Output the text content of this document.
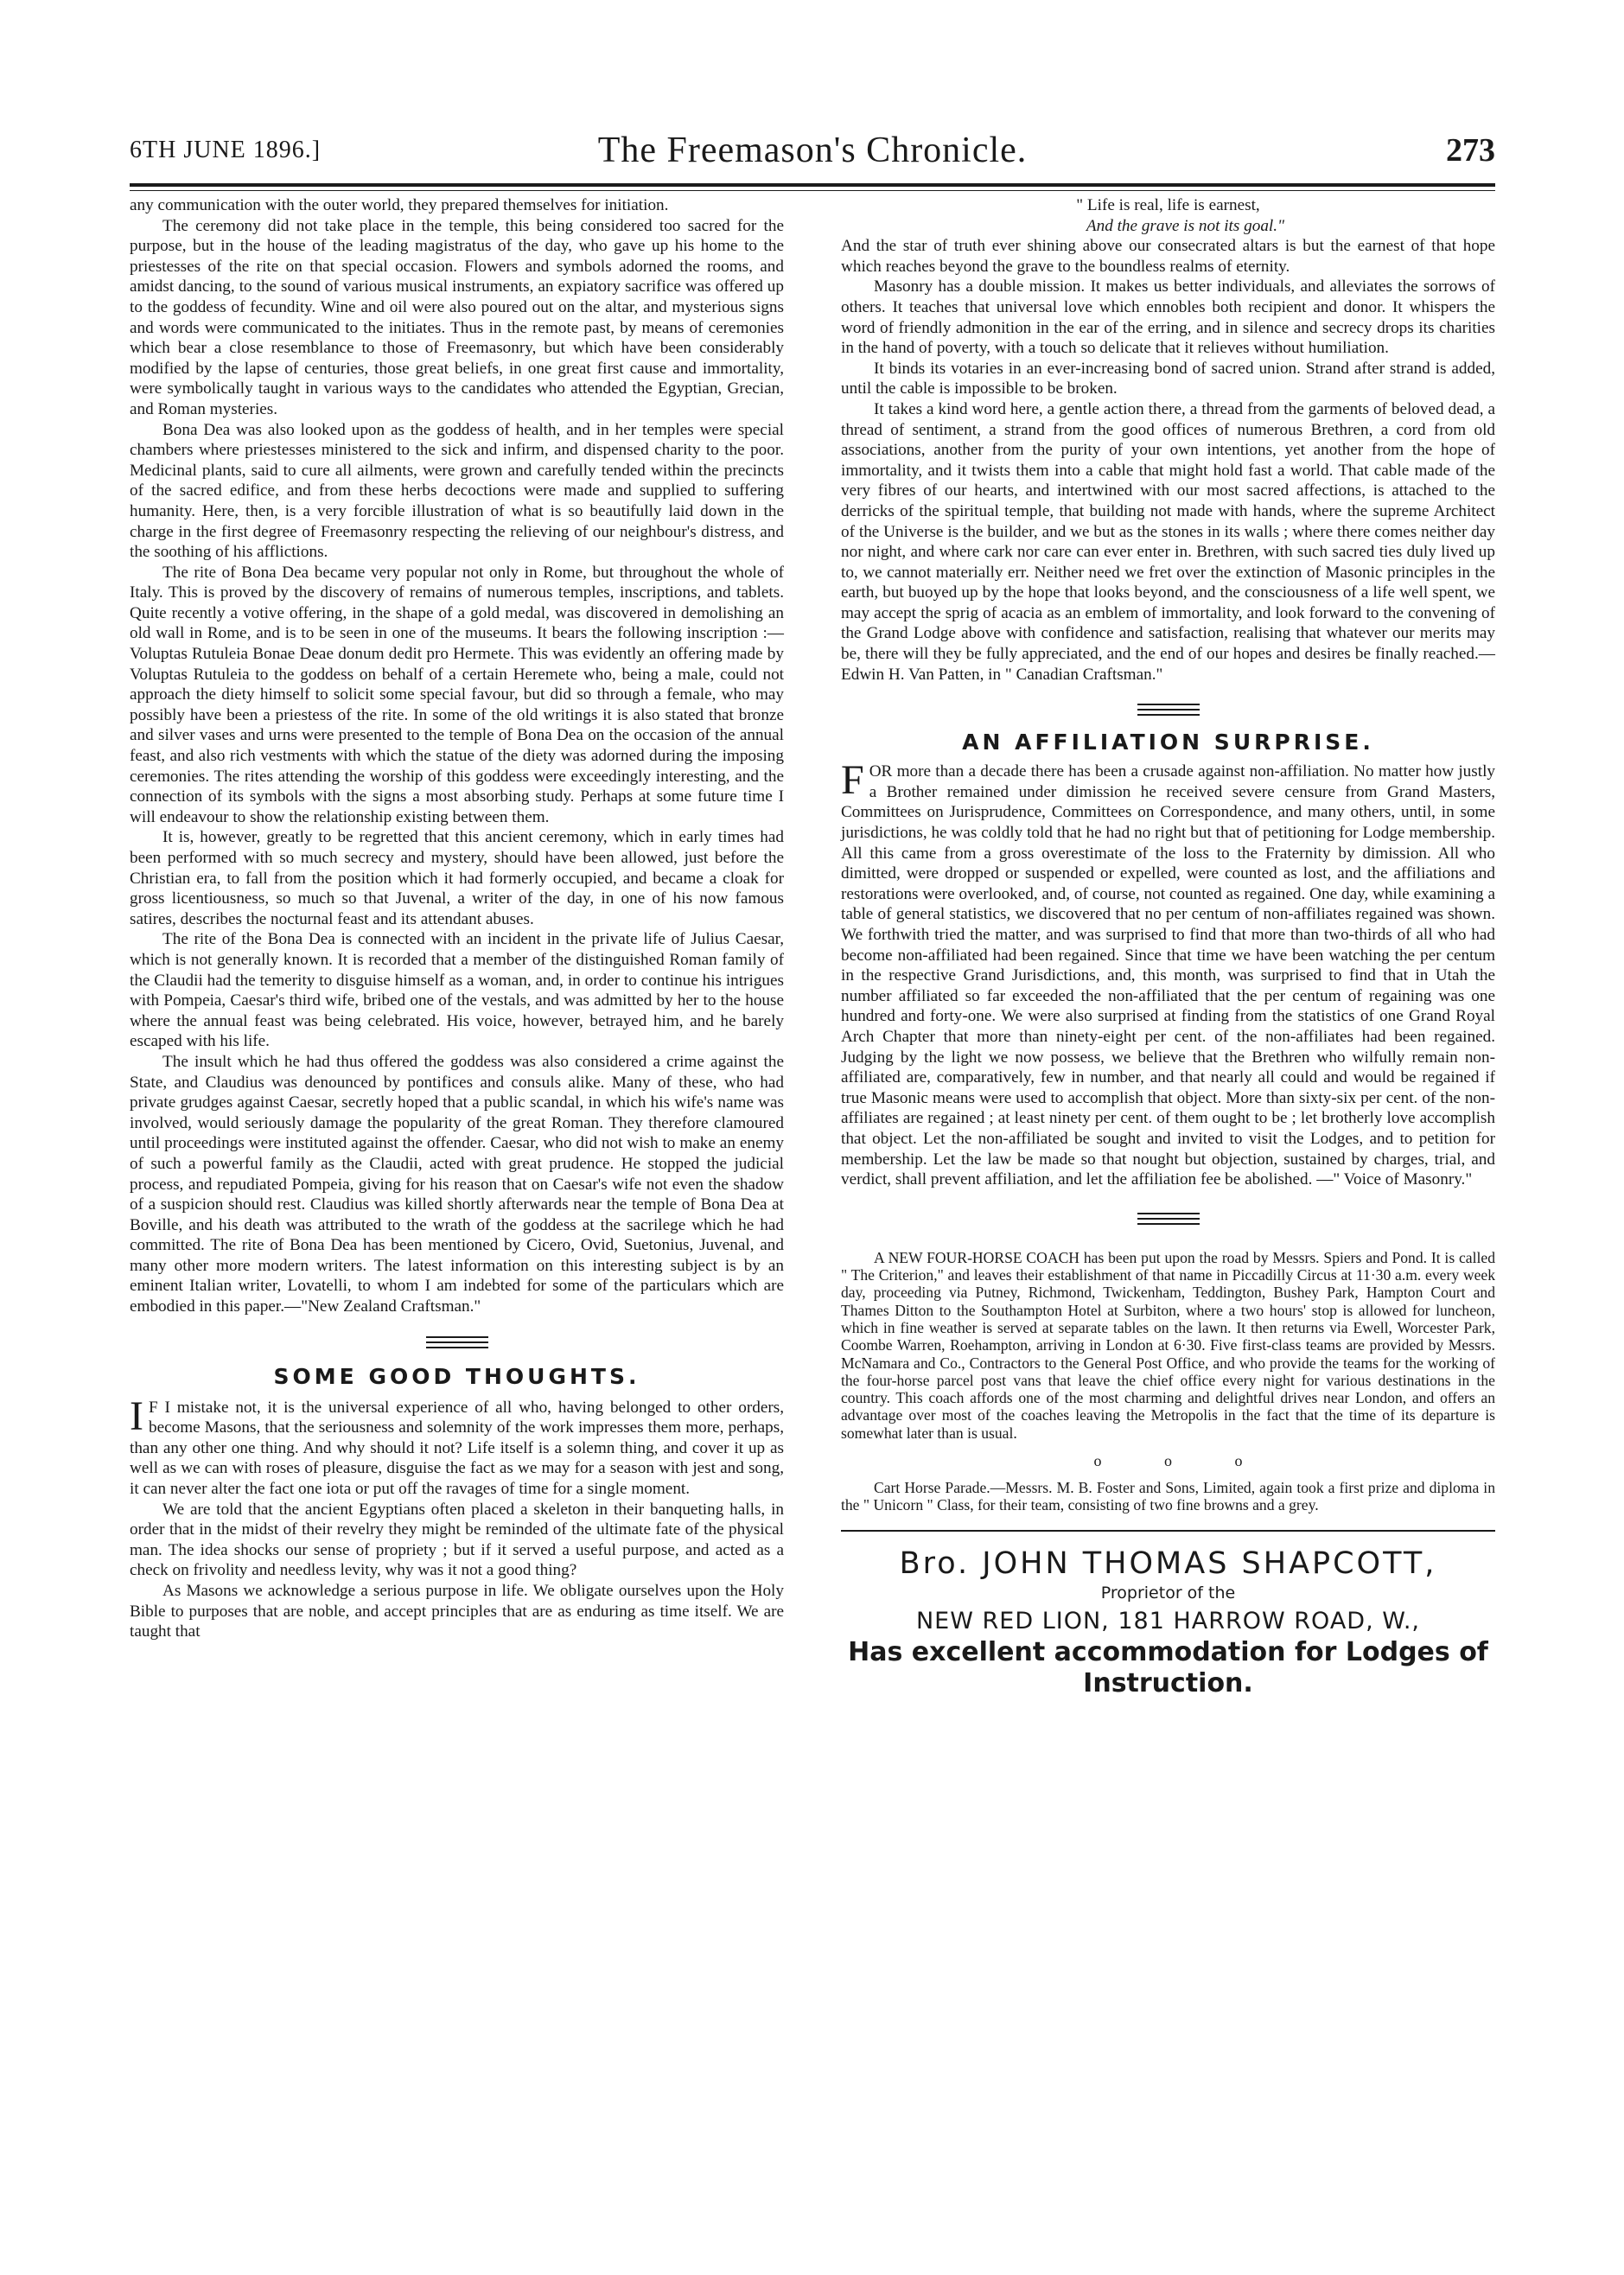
6TH JUNE 1896.]	The Freemason's Chronicle.	273

any communication with the outer world, they prepared themselves for initiation.

The ceremony did not take place in the temple, this being considered too sacred for the purpose, but in the house of the leading magistratus of the day, who gave up his home to the priestesses of the rite on that special occasion. Flowers and symbols adorned the rooms, and amidst dancing, to the sound of various musical instruments, an expiatory sacrifice was offered up to the goddess of fecundity. Wine and oil were also poured out on the altar, and mysterious signs and words were communicated to the initiates. Thus in the remote past, by means of ceremonies which bear a close resemblance to those of Freemasonry, but which have been considerably modified by the lapse of centuries, those great beliefs, in one great first cause and immortality, were symbolically taught in various ways to the candidates who attended the Egyptian, Grecian, and Roman mysteries.

Bona Dea was also looked upon as the goddess of health, and in her temples were special chambers where priestesses ministered to the sick and infirm, and dispensed charity to the poor. Medicinal plants, said to cure all ailments, were grown and carefully tended within the precincts of the sacred edifice, and from these herbs decoctions were made and supplied to suffering humanity. Here, then, is a very forcible illustration of what is so beautifully laid down in the charge in the first degree of Freemasonry respecting the relieving of our neighbour's distress, and the soothing of his afflictions.

The rite of Bona Dea became very popular not only in Rome, but throughout the whole of Italy. This is proved by the discovery of remains of numerous temples, inscriptions, and tablets. Quite recently a votive offering, in the shape of a gold medal, was discovered in demolishing an old wall in Rome, and is to be seen in one of the museums. It bears the following inscription :—Voluptas Rutuleia Bonae Deae donum dedit pro Hermete. This was evidently an offering made by Voluptas Rutuleia to the goddess on behalf of a certain Heremete who, being a male, could not approach the diety himself to solicit some special favour, but did so through a female, who may possibly have been a priestess of the rite. In some of the old writings it is also stated that bronze and silver vases and urns were presented to the temple of Bona Dea on the occasion of the annual feast, and also rich vestments with which the statue of the diety was adorned during the imposing ceremonies. The rites attending the worship of this goddess were exceedingly interesting, and the connection of its symbols with the signs a most absorbing study. Perhaps at some future time I will endeavour to show the relationship existing between them.

It is, however, greatly to be regretted that this ancient ceremony, which in early times had been performed with so much secrecy and mystery, should have been allowed, just before the Christian era, to fall from the position which it had formerly occupied, and became a cloak for gross licentiousness, so much so that Juvenal, a writer of the day, in one of his now famous satires, describes the nocturnal feast and its attendant abuses.

The rite of the Bona Dea is connected with an incident in the private life of Julius Caesar, which is not generally known. It is recorded that a member of the distinguished Roman family of the Claudii had the temerity to disguise himself as a woman, and, in order to continue his intrigues with Pompeia, Caesar's third wife, bribed one of the vestals, and was admitted by her to the house where the annual feast was being celebrated. His voice, however, betrayed him, and he barely escaped with his life.

The insult which he had thus offered the goddess was also considered a crime against the State, and Claudius was denounced by pontifices and consuls alike. Many of these, who had private grudges against Caesar, secretly hoped that a public scandal, in which his wife's name was involved, would seriously damage the popularity of the great Roman. They therefore clamoured until proceedings were instituted against the offender. Caesar, who did not wish to make an enemy of such a powerful family as the Claudii, acted with great prudence. He stopped the judicial process, and repudiated Pompeia, giving for his reason that on Caesar's wife not even the shadow of a suspicion should rest. Claudius was killed shortly afterwards near the temple of Bona Dea at Boville, and his death was attributed to the wrath of the goddess at the sacrilege which he had committed. The rite of Bona Dea has been mentioned by Cicero, Ovid, Suetonius, Juvenal, and many other more modern writers. The latest information on this interesting subject is by an eminent Italian writer, Lovatelli, to whom I am indebted for some of the particulars which are embodied in this paper.—"New Zealand Craftsman."

SOME GOOD THOUGHTS.

I F I mistake not, it is the universal experience of all who, having belonged to other orders, become Masons, that the seriousness and solemnity of the work impresses them more, perhaps, than any other one thing. And why should it not? Life itself is a solemn thing, and cover it up as well as we can with roses of pleasure, disguise the fact as we may for a season with jest and song, it can never alter the fact one iota or put off the ravages of time for a single moment.

We are told that the ancient Egyptians often placed a skeleton in their banqueting halls, in order that in the midst of their revelry they might be reminded of the ultimate fate of the physical man. The idea shocks our sense of propriety ; but if it served a useful purpose, and acted as a check on frivolity and needless levity, why was it not a good thing?

As Masons we acknowledge a serious purpose in life. We obligate ourselves upon the Holy Bible to purposes that are noble, and accept principles that are as enduring as time itself. We are taught that

" Life is real, life is earnest,
And the grave is not its goal."

And the star of truth ever shining above our consecrated altars is but the earnest of that hope which reaches beyond the grave to the boundless realms of eternity.

Masonry has a double mission. It makes us better individuals, and alleviates the sorrows of others. It teaches that universal love which ennobles both recipient and donor. It whispers the word of friendly admonition in the ear of the erring, and in silence and secrecy drops its charities in the hand of poverty, with a touch so delicate that it relieves without humiliation.

It binds its votaries in an ever-increasing bond of sacred union. Strand after strand is added, until the cable is impossible to be broken.

It takes a kind word here, a gentle action there, a thread from the garments of beloved dead, a thread of sentiment, a strand from the good offices of numerous Brethren, a cord from old associations, another from the purity of your own intentions, yet another from the hope of immortality, and it twists them into a cable that might hold fast a world. That cable made of the very fibres of our hearts, and intertwined with our most sacred affections, is attached to the derricks of the spiritual temple, that building not made with hands, where the supreme Architect of the Universe is the builder, and we but as the stones in its walls ; where there comes neither day nor night, and where cark nor care can ever enter in. Brethren, with such sacred ties duly lived up to, we cannot materially err. Neither need we fret over the extinction of Masonic principles in the earth, but buoyed up by the hope that looks beyond, and the consciousness of a life well spent, we may accept the sprig of acacia as an emblem of immortality, and look forward to the convening of the Grand Lodge above with confidence and satisfaction, realising that whatever our merits may be, there will they be fully appreciated, and the end of our hopes and desires be finally reached.—Edwin H. Van Patten, in " Canadian Craftsman."

AN AFFILIATION SURPRISE.

FOR more than a decade there has been a crusade against non-affiliation. No matter how justly a Brother remained under dimission he received severe censure from Grand Masters, Committees on Jurisprudence, Committees on Correspondence, and many others, until, in some jurisdictions, he was coldly told that he had no right but that of petitioning for Lodge membership. All this came from a gross overestimate of the loss to the Fraternity by dimission. All who dimitted, were dropped or suspended or expelled, were counted as lost, and the affiliations and restorations were overlooked, and, of course, not counted as regained. One day, while examining a table of general statistics, we discovered that no per centum of non-affiliates regained was shown. We forthwith tried the matter, and was surprised to find that more than two-thirds of all who had become non-affiliated had been regained. Since that time we have been watching the per centum in the respective Grand Jurisdictions, and, this month, was surprised to find that in Utah the number affiliated so far exceeded the non-affiliated that the per centum of regaining was one hundred and forty-one. We were also surprised at finding from the statistics of one Grand Royal Arch Chapter that more than ninety-eight per cent. of the non-affiliates had been regained. Judging by the light we now possess, we believe that the Brethren who wilfully remain non-affiliated are, comparatively, few in number, and that nearly all could and would be regained if true Masonic means were used to accomplish that object. More than sixty-six per cent. of the non-affiliates are regained ; at least ninety per cent. of them ought to be ; let brotherly love accomplish that object. Let the non-affiliated be sought and invited to visit the Lodges, and to petition for membership. Let the law be made so that nought but objection, sustained by charges, trial, and verdict, shall prevent affiliation, and let the affiliation fee be abolished. —" Voice of Masonry."

A NEW FOUR-HORSE COACH has been put upon the road by Messrs. Spiers and Pond. It is called " The Criterion," and leaves their establishment of that name in Piccadilly Circus at 11·30 a.m. every week day, proceeding via Putney, Richmond, Twickenham, Teddington, Bushey Park, Hampton Court and Thames Ditton to the Southampton Hotel at Surbiton, where a two hours' stop is allowed for luncheon, which in fine weather is served at separate tables on the lawn. It then returns via Ewell, Worcester Park, Coombe Warren, Roehampton, arriving in London at 6·30. Five first-class teams are provided by Messrs. McNamara and Co., Contractors to the General Post Office, and who provide the teams for the working of the four-horse parcel post vans that leave the chief office every night for various destinations in the country. This coach affords one of the most charming and delightful drives near London, and offers an advantage over most of the coaches leaving the Metropolis in the fact that the time of its departure is somewhat later than is usual.

o o o

Cart Horse Parade.—Messrs. M. B. Foster and Sons, Limited, again took a first prize and diploma in the " Unicorn " Class, for their team, consisting of two fine browns and a grey.

Bro. JOHN THOMAS SHAPCOTT,
Proprietor of the
NEW RED LION, 181 HARROW ROAD, W.,
Has excellent accommodation for Lodges of
Instruction.
